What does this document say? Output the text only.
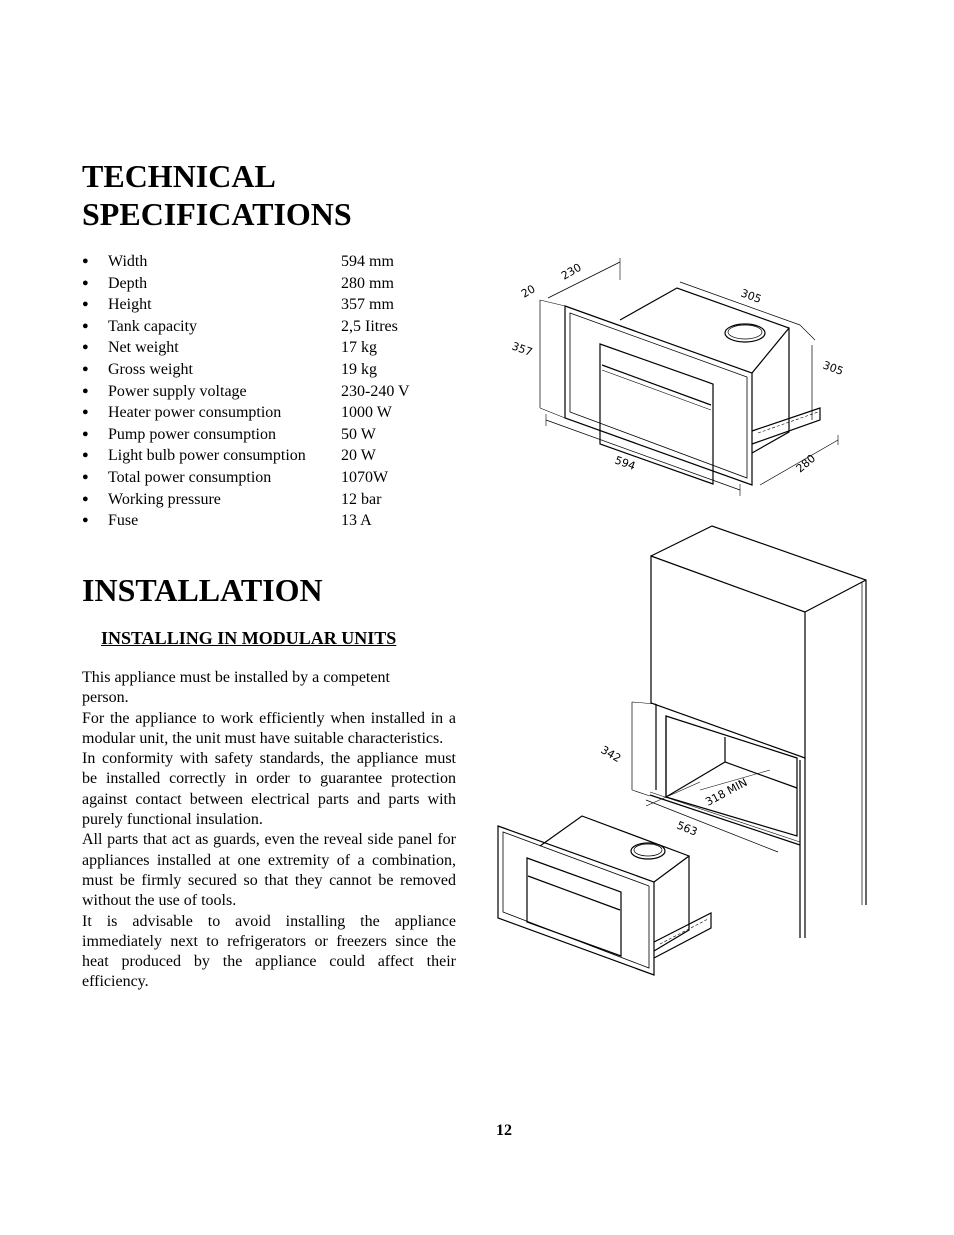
TECHNICAL SPECIFICATIONS
●	Width	594 mm
●	Depth	280 mm
●	Height	357 mm
●	Tank capacity	2,5 Iitres
●	Net weight	17 kg
●	Gross weight	19 kg
●	Power supply voltage	230-240 V
●	Heater power consumption	1000 W
●	Pump power consumption	50 W
●	Light bulb power consumption 20 W
●	Total power consumption	1070W
●	Working pressure	12 bar
●	Fuse	13 A
INSTALLATION
INSTALLING IN MODULAR UNITS

This appliance must be installed by a competent person.

For the appliance to work efficiently when installed in a modular unit, the unit must have suitable characteristics.

In conformity with safety standards, the appliance must be installed correctly in order to guarantee protection against contact between electrical parts and parts with purely functional insulation.

All parts that act as guards, even the reveal side panel for appliances installed at one extremity of a combination, must be firmly secured so that they cannot be removed without the use of tools.

It is advisable to avoid installing the appliance immediately next to refrigerators or freezers since the heat produced by the appliance could affect their efficiency.

20
230
305
357
305
594	280
342
318 MIN
563
12
